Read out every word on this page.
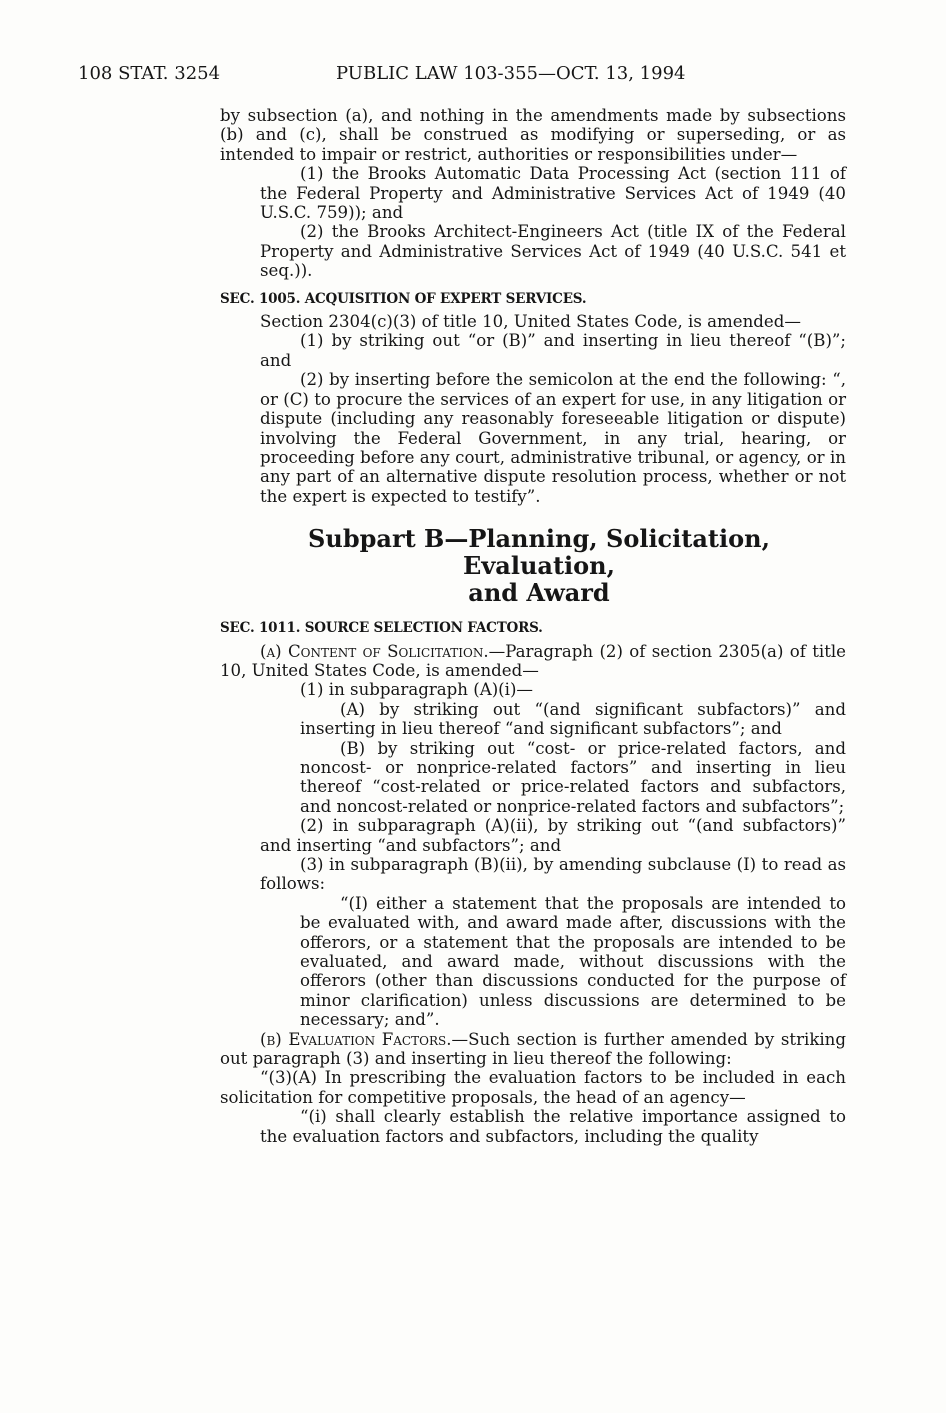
108 STAT. 3254	PUBLIC LAW 103-355—OCT. 13, 1994

by subsection (a), and nothing in the amendments made by subsections (b) and (c), shall be construed as modifying or superseding, or as intended to impair or restrict, authorities or responsibilities under—

(1) the Brooks Automatic Data Processing Act (section 111 of the Federal Property and Administrative Services Act of 1949 (40 U.S.C. 759)); and

(2) the Brooks Architect-Engineers Act (title IX of the Federal Property and Administrative Services Act of 1949 (40 U.S.C. 541 et seq.)).

SEC. 1005. ACQUISITION OF EXPERT SERVICES.

Section 2304(c)(3) of title 10, United States Code, is amended—

(1) by striking out “or (B)” and inserting in lieu thereof “(B)”; and

(2) by inserting before the semicolon at the end the following: “, or (C) to procure the services of an expert for use, in any litigation or dispute (including any reasonably foreseeable litigation or dispute) involving the Federal Government, in any trial, hearing, or proceeding before any court, administrative tribunal, or agency, or in any part of an alternative dispute resolution process, whether or not the expert is expected to testify”.

Subpart B—Planning, Solicitation, Evaluation,
and Award

SEC. 1011. SOURCE SELECTION FACTORS.

(a) Content of Solicitation.—Paragraph (2) of section 2305(a) of title 10, United States Code, is amended—

(1) in subparagraph (A)(i)—

(A) by striking out “(and significant subfactors)” and inserting in lieu thereof “and significant subfactors”; and

(B) by striking out “cost- or price-related factors, and noncost- or nonprice-related factors” and inserting in lieu thereof “cost-related or price-related factors and subfactors, and noncost-related or nonprice-related factors and subfactors”;

(2) in subparagraph (A)(ii), by striking out “(and subfactors)” and inserting “and subfactors”; and

(3) in subparagraph (B)(ii), by amending subclause (I) to read as follows:

“(I) either a statement that the proposals are intended to be evaluated with, and award made after, discussions with the offerors, or a statement that the proposals are intended to be evaluated, and award made, without discussions with the offerors (other than discussions conducted for the purpose of minor clarification) unless discussions are determined to be necessary; and”.

(b) Evaluation Factors.—Such section is further amended by striking out paragraph (3) and inserting in lieu thereof the following:

“(3)(A) In prescribing the evaluation factors to be included in each solicitation for competitive proposals, the head of an agency—

“(i) shall clearly establish the relative importance assigned to the evaluation factors and subfactors, including the quality
